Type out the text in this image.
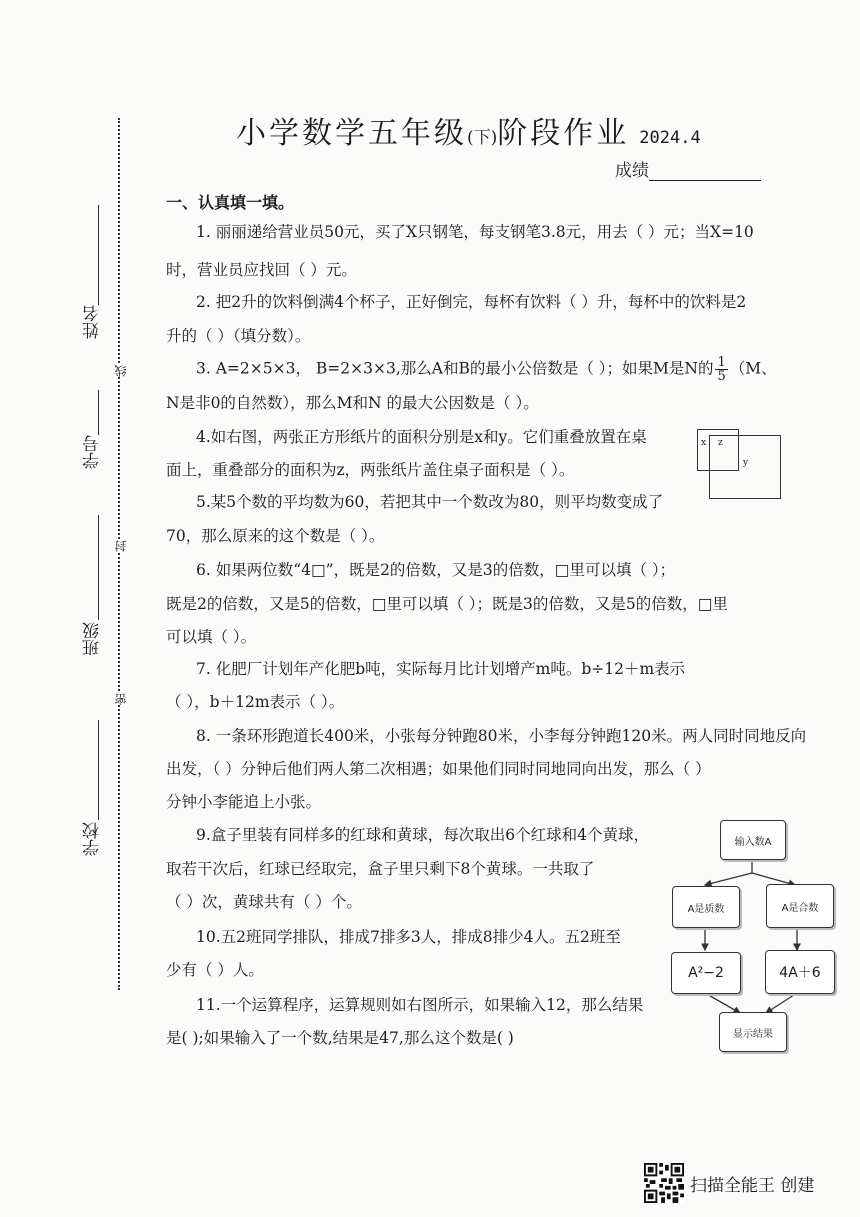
小学数学五年级(下)阶段作业 2024.4
成绩
姓名
学号
班级
学校
线
封
密
一、认真填一填。
1. 丽丽递给营业员50元，买了X只钢笔，每支钢笔3.8元，用去（ ）元；当X=10
时，营业员应找回（ ）元。
2. 把2升的饮料倒满4个杯子，正好倒完，每杯有饮料（ ）升，每杯中的饮料是2
升的（ ）（填分数）。
3. A=2×5×3， B=2×3×3,那么A和B的最小公倍数是（ ）；如果M是N的 $\frac{1}{5} (M$、
N是非0的自然数），那么M和N 的最大公因数是（ ）。
4.如右图，两张正方形纸片的面积分别是x和y。它们重叠放置在桌
面上，重叠部分的面积为z，两张纸片盖住桌子面积是（ ）。
x z
y
5.某5个数的平均数为60，若把其中一个数改为80，则平均数变成了
70，那么原来的这个数是（ ）。
6. 如果两位数“4□”，既是2的倍数，又是3的倍数，□里可以填（ ）；
既是2的倍数，又是5的倍数，□里可以填（ ）；既是3的倍数，又是5的倍数，□里
可以填（ ）。
7. 化肥厂计划年产化肥b吨，实际每月比计划增产m吨。b÷12＋m表示
（ ），b＋12m表示（ ）。
8. 一条环形跑道长400米，小张每分钟跑80米，小李每分钟跑120米。两人同时同地反向
出发，（ ）分钟后他们两人第二次相遇；如果他们同时同地同向出发，那么（ ）
分钟小李能追上小张。
9.盒子里装有同样多的红球和黄球，每次取出6个红球和4个黄球，
取若干次后，红球已经取完，盒子里只剩下8个黄球。一共取了
（ ）次，黄球共有（ ）个。
10.五2班同学排队，排成7排多3人，排成8排少4人。五2班至
少有（ ）人。
11.一个运算程序，运算规则如右图所示，如果输入12，那么结果
是( );如果输入了一个数,结果是47,那么这个数是( )
输入数A
A是质数	A是合数
A²−2	4A＋6
显示结果
扫描全能王 创建
